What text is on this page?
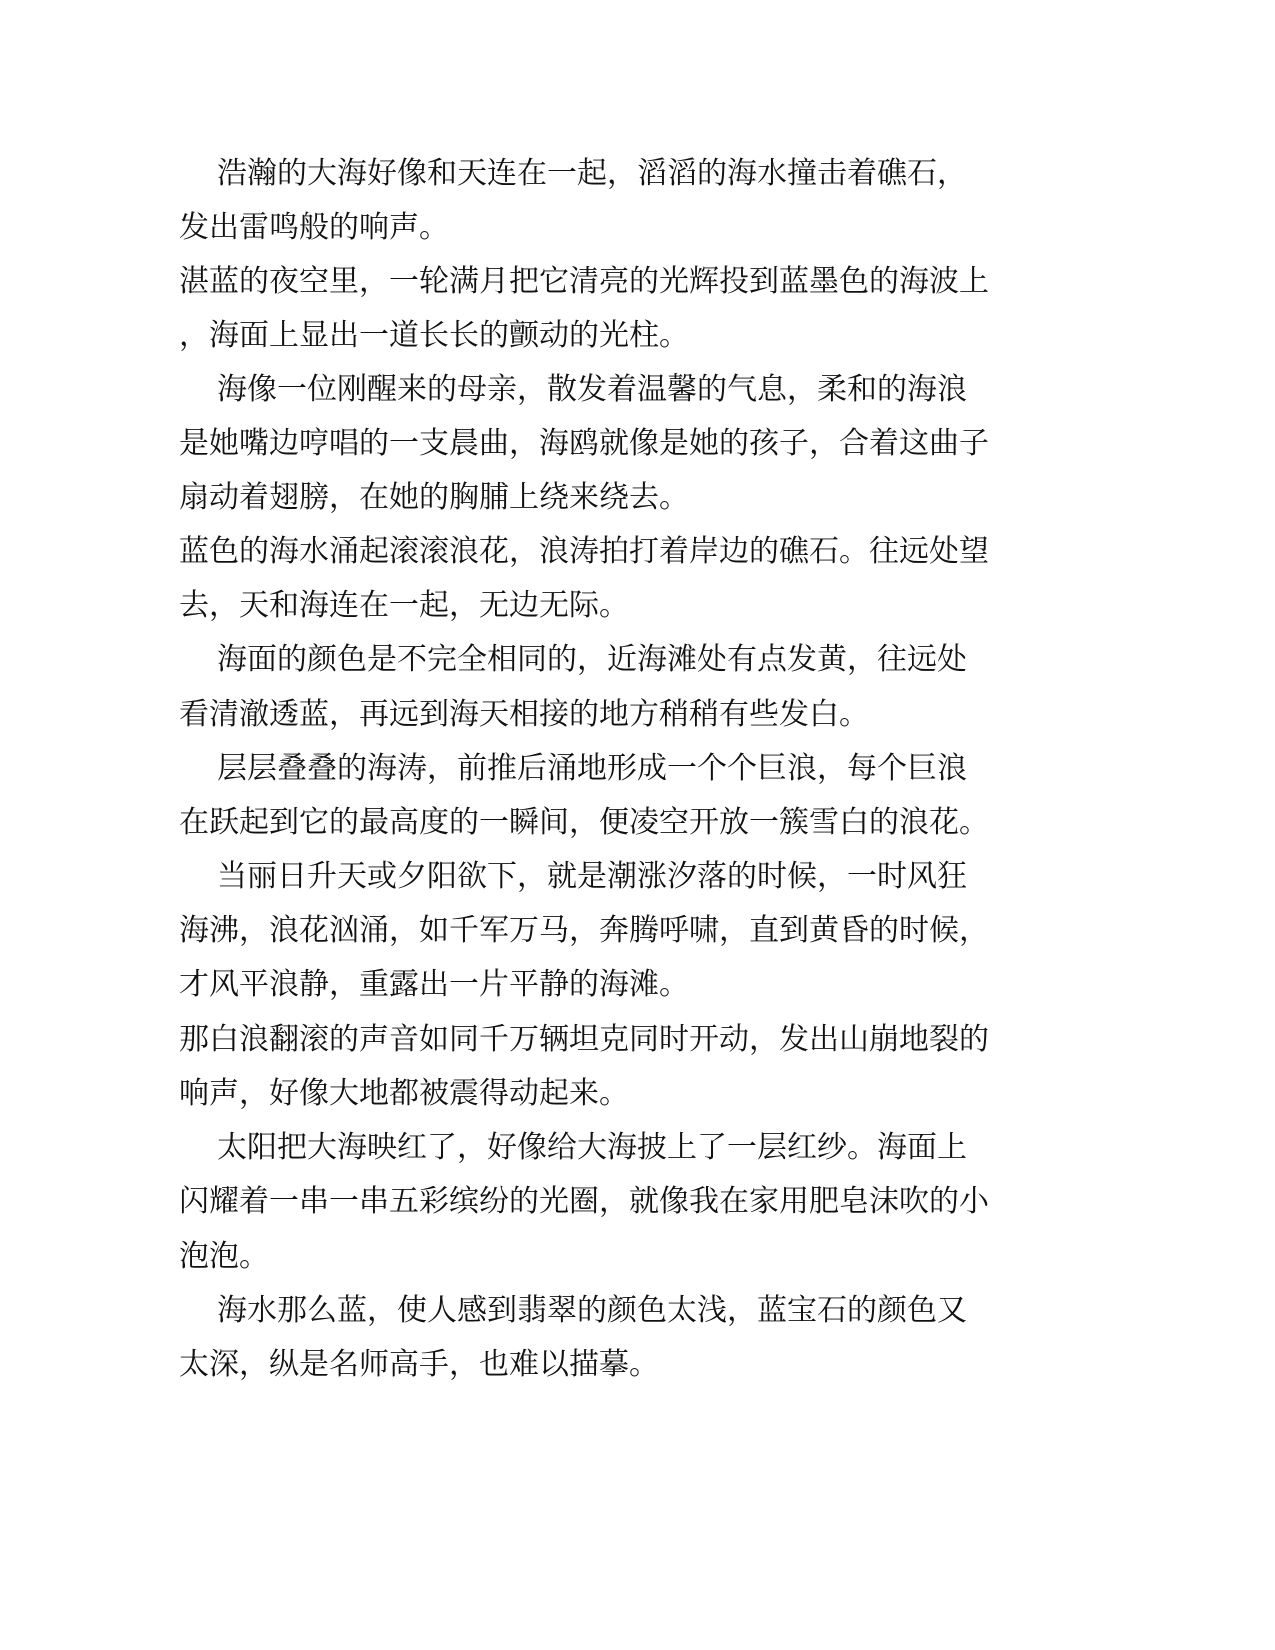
浩瀚的大海好像和天连在一起，滔滔的海水撞击着礁石，
发出雷鸣般的响声。
湛蓝的夜空里，一轮满月把它清亮的光辉投到蓝墨色的海波上
，海面上显出一道长长的颤动的光柱。
海像一位刚醒来的母亲，散发着温馨的气息，柔和的海浪
是她嘴边哼唱的一支晨曲，海鸥就像是她的孩子，合着这曲子
扇动着翅膀，在她的胸脯上绕来绕去。
蓝色的海水涌起滚滚浪花，浪涛拍打着岸边的礁石。往远处望
去，天和海连在一起，无边无际。
海面的颜色是不完全相同的，近海滩处有点发黄，往远处
看清澈透蓝，再远到海天相接的地方稍稍有些发白。
层层叠叠的海涛，前推后涌地形成一个个巨浪，每个巨浪
在跃起到它的最高度的一瞬间，便凌空开放一簇雪白的浪花。
当丽日升天或夕阳欲下，就是潮涨汐落的时候，一时风狂
海沸，浪花汹涌，如千军万马，奔腾呼啸，直到黄昏的时候，
才风平浪静，重露出一片平静的海滩。
那白浪翻滚的声音如同千万辆坦克同时开动，发出山崩地裂的
响声，好像大地都被震得动起来。
太阳把大海映红了，好像给大海披上了一层红纱。海面上
闪耀着一串一串五彩缤纷的光圈，就像我在家用肥皂沫吹的小
泡泡。
海水那么蓝，使人感到翡翠的颜色太浅，蓝宝石的颜色又
太深，纵是名师高手，也难以描摹。
